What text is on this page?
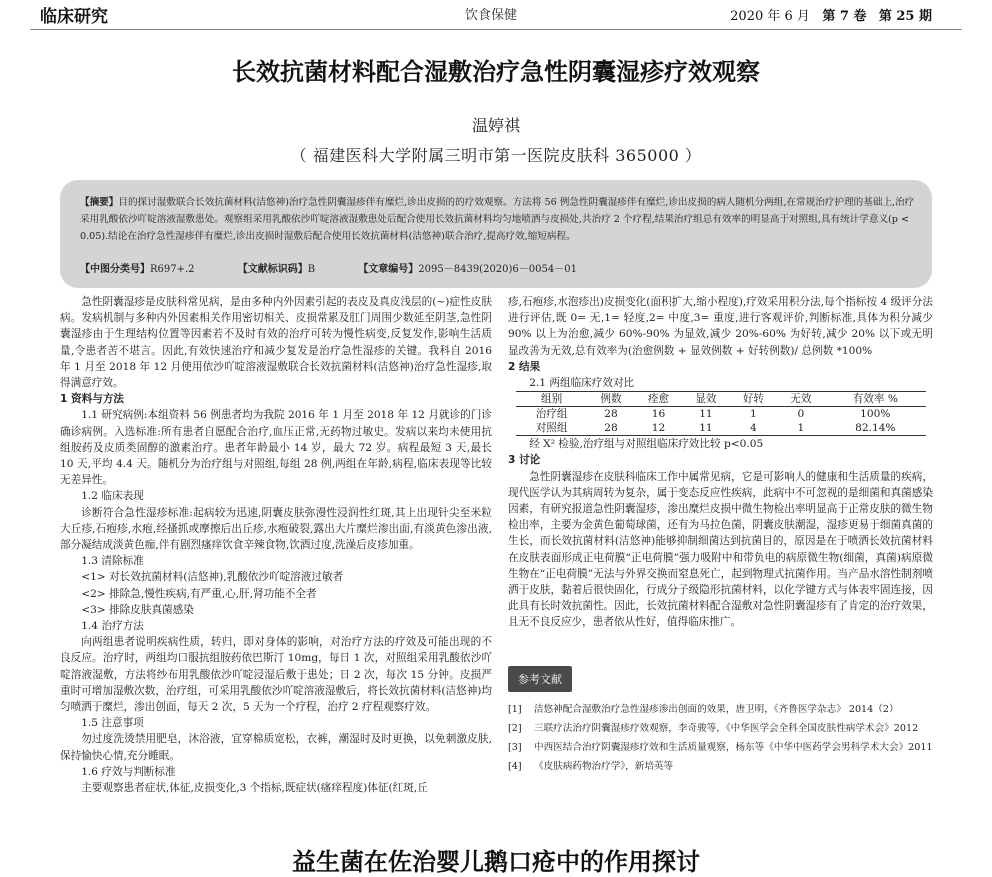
临床研究	饮食保健	2020 年 6 月 第 7 卷 第 25 期
长效抗菌材料配合湿敷治疗急性阴囊湿疹疗效观察
温婷祺
（ 福建医科大学附属三明市第一医院皮肤科 365000 ）
【摘要】目的探讨湿敷联合长效抗菌材料(洁悠神)治疗急性阴囊湿疹伴有糜烂,诊出皮损的的疗效观察。方法将 56 例急性阴囊湿疹伴有糜烂,诊出皮损的病人随机分两组,在常规治疗护理的基础上,治疗采用乳酸依沙吖啶溶液湿敷患处。观察组采用乳酸依沙吖啶溶液湿敷患处后配合使用长效抗菌材料均匀地喷洒与皮损处,共治疗 2 个疗程,结果治疗组总有效率的明显高于对照组,具有统计学意义(p < 0.05).结论在治疗急性湿疹伴有糜烂,诊出皮损时湿敷后配合使用长效抗菌材料(洁悠神)联合治疗,提高疗效,缩短病程。
【中图分类号】R697+.2	【文献标识码】B	【文章编号】2095－8439(2020)6－0054－01

急性阴囊湿疹是皮肤科常见病，是由多种内外因素引起的表皮及真皮浅层的(~)症性皮肤病。发病机制与多种内外因素相关作用密切相关、皮损常累及肛门周围少数延至阴茎,急性阴囊湿疹由于生理结构位置等因素若不及时有效的治疗可转为慢性病变,反复发作,影响生活质量,令患者苦不堪言。因此,有效快速治疗和减少复发是治疗急性湿疹的关键。我科自 2016 年 1 月至 2018 年 12 月使用依沙吖啶溶液湿敷联合长效抗菌材料(洁悠神)治疗急性湿疹,取得满意疗效。

1 资料与方法

1.1 研究病例:本组资料 56 例患者均为我院 2016 年 1 月至 2018 年 12 月就诊的门诊确诊病例。入选标准:所有患者自愿配合治疗,血压正常,无药物过敏史。发病以来均未使用抗组胺药及皮质类固醇的激素治疗。患者年龄最小 14 岁，最大 72 岁。病程最短 3 天,最长 10 天,平均 4.4 天。随机分为治疗组与对照组,每组 28 例,两组在年龄,病程,临床表现等比较无差异性。

1.2 临床表现

诊断符合急性湿疹标准:起病较为迅速,阴囊皮肤弥漫性浸润性红斑,其上出现针尖至米粒大丘疹,石疱疹,水疱,经搔抓或摩擦后出丘疹,水疱破裂,露出大片糜烂渗出面,有淡黄色渗出液,部分凝结成淡黄色痂,伴有剧烈瘙痒饮食辛辣食物,饮酒过度,洗澡后皮疹加重。

1.3 清除标准

<1> 对长效抗菌材料(洁悠神),乳酸依沙吖啶溶液过敏者

<2> 排除急,慢性疾病,有严重,心,肝,肾功能不全者

<3> 排除皮肤真菌感染

1.4 治疗方法

向两组患者说明疾病性质，转归，即对身体的影响，对治疗方法的疗效及可能出现的不良反应。治疗时，两组均口服抗组胺药依巴斯汀 10mg，每日 1 次，对照组采用乳酸依沙吖啶溶液湿敷，方法将纱布用乳酸依沙吖啶浸湿后敷于患处；日 2 次，每次 15 分钟。皮损严重时可增加湿敷次数，治疗组，可采用乳酸依沙吖啶溶液湿敷后，将长效抗菌材料(洁悠神)均匀喷洒于糜烂，渗出创面，每天 2 次，5 天为一个疗程，治疗 2 疗程观察疗效。

1.5 注意事项

勿过度洗烫禁用肥皂，沐浴液，宜穿棉质宽松，衣裤，潮湿时及时更换，以免刺激皮肤,保持愉快心情,充分睡眠。

1.6 疗效与判断标准

主要观察患者症状,体征,皮损变化,3 个指标,既症状(瘙痒程度)体征(红斑,丘

疹,石疱疹,水泡疹出)皮损变化(面积扩大,缩小程度),疗效采用积分法,每个指标按 4 级评分法进行评估,既 0= 无,1= 轻度,2= 中度,3= 重度,进行客观评价,判断标准,具体为积分减少 90% 以上为治愈,减少 60%-90% 为显效,减少 20%-60% 为好转,减少 20% 以下或无明显改善为无效,总有效率为(治愈例数 + 显效例数 + 好转例数)/ 总例数 *100%

2 结果

2.1 两组临床疗效对比

组别	例数	痊愈	显效	好转	无效	有效率 %
治疗组	28	16	11	1	0	100%
对照组	28	12	11	4	1	82.14%

经 X² 检验,治疗组与对照组临床疗效比较 p<0.05

3 讨论

急性阴囊湿疹在皮肤科临床工作中属常见病，它是可影响人的健康和生活质量的疾病，现代医学认为其病周转为复杂，属于变态反应性疾病，此病中不可忽视的是细菌和真菌感染因素，有研究报道急性阴囊湿疹，渗出糜烂皮损中微生物检出率明显高于正常皮肤的微生物检出率，主要为金黄色葡萄球菌，还有为马拉色菌，阴囊皮肤潮湿，湿疹更易于细菌真菌的生长，而长效抗菌材料(洁悠神)能够抑制细菌达到抗菌目的，原因是在于喷洒长效抗菌材料在皮肤表面形成正电荷膜“正电荷膜”强力吸附中和带负电的病原微生物(细菌，真菌)病原微生物在“正电荷膜”无法与外界交换而窒息死亡，起到物理式抗菌作用。当产品水溶性制剂喷洒于皮肤，黏着后很快固化，行成分子级隐形抗菌材料，以化学键方式与体表牢固连接，因此具有长时效抗菌性。因此，长效抗菌材料配合湿敷对急性阴囊湿疹有了肯定的治疗效果，且无不良反应少，患者依从性好，值得临床推广。

参考文献
[1]	洁悠神配合湿敷治疗急性湿疹渗出创面的效果，唐卫明，《齐鲁医学杂志》 2014（2）
[2]	三联疗法治疗阴囊湿疹疗效观察，李奇骏等，《中华医学会全科全国皮肤性病学术会》2012
[3]	中西医结合治疗阴囊湿疹疗效和生活质量观察，杨东等《中华中医药学会男科学术大会》2011
[4]	《皮肤病药物治疗学》，新培英等
益生菌在佐治婴儿鹅口疮中的作用探讨
